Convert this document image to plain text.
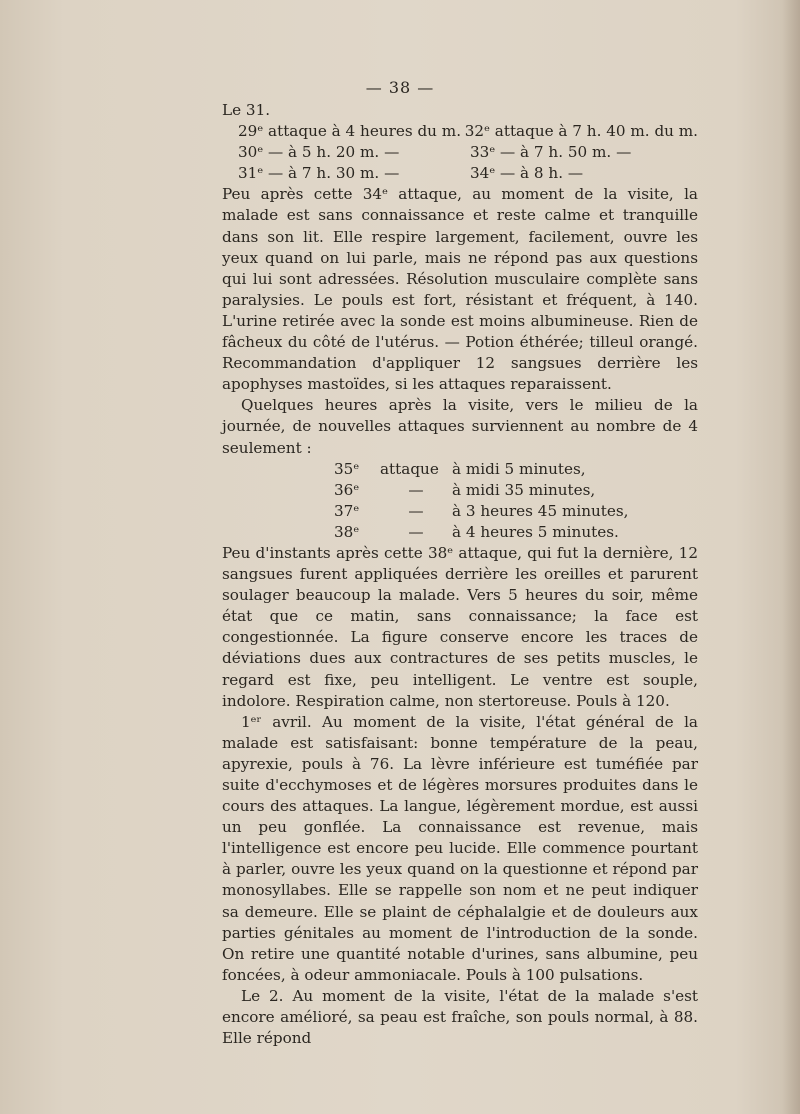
— 38 —
Le 31.
29ᵉ attaque à 4 heures du m. 32ᵉ attaque à 7 h. 40 m. du m.
30ᵉ — à 5 h. 20 m. —	33ᵉ — à 7 h. 50 m. —
31ᵉ — à 7 h. 30 m. —	34ᵉ — à 8 h. —

Peu après cette 34ᵉ attaque, au moment de la visite, la malade est sans connaissance et reste calme et tranquille dans son lit. Elle respire largement, facilement, ouvre les yeux quand on lui parle, mais ne répond pas aux questions qui lui sont adressées. Résolution musculaire complète sans paralysies. Le pouls est fort, résistant et fréquent, à 140. L'urine retirée avec la sonde est moins albumineuse. Rien de fâcheux du côté de l'utérus. — Potion éthérée; tilleul orangé. Recommandation d'appliquer 12 sangsues derrière les apophyses mastoïdes, si les attaques reparaissent.

Quelques heures après la visite, vers le milieu de la journée, de nouvelles attaques surviennent au nombre de 4 seulement :

35ᵉ	attaque à midi 5 minutes,
36ᵉ	—	à midi 35 minutes,
37ᵉ	—	à 3 heures 45 minutes,
38ᵉ	—	à 4 heures 5 minutes.

Peu d'instants après cette 38ᵉ attaque, qui fut la dernière, 12 sangsues furent appliquées derrière les oreilles et parurent soulager beaucoup la malade. Vers 5 heures du soir, même état que ce matin, sans connaissance; la face est congestionnée. La figure conserve encore les traces de déviations dues aux contractures de ses petits muscles, le regard est fixe, peu intelligent. Le ventre est souple, indolore. Respiration calme, non stertoreuse. Pouls à 120.

1ᵉʳ avril. Au moment de la visite, l'état général de la malade est satisfaisant: bonne température de la peau, apyrexie, pouls à 76. La lèvre inférieure est tuméfiée par suite d'ecchymoses et de légères morsures produites dans le cours des attaques. La langue, légèrement mordue, est aussi un peu gonflée. La connaissance est revenue, mais l'intelligence est encore peu lucide. Elle commence pourtant à parler, ouvre les yeux quand on la questionne et répond par monosyllabes. Elle se rappelle son nom et ne peut indiquer sa demeure. Elle se plaint de céphalalgie et de douleurs aux parties génitales au moment de l'introduction de la sonde. On retire une quantité notable d'urines, sans albumine, peu foncées, à odeur ammoniacale. Pouls à 100 pulsations.

Le 2. Au moment de la visite, l'état de la malade s'est encore amélioré, sa peau est fraîche, son pouls normal, à 88. Elle répond
